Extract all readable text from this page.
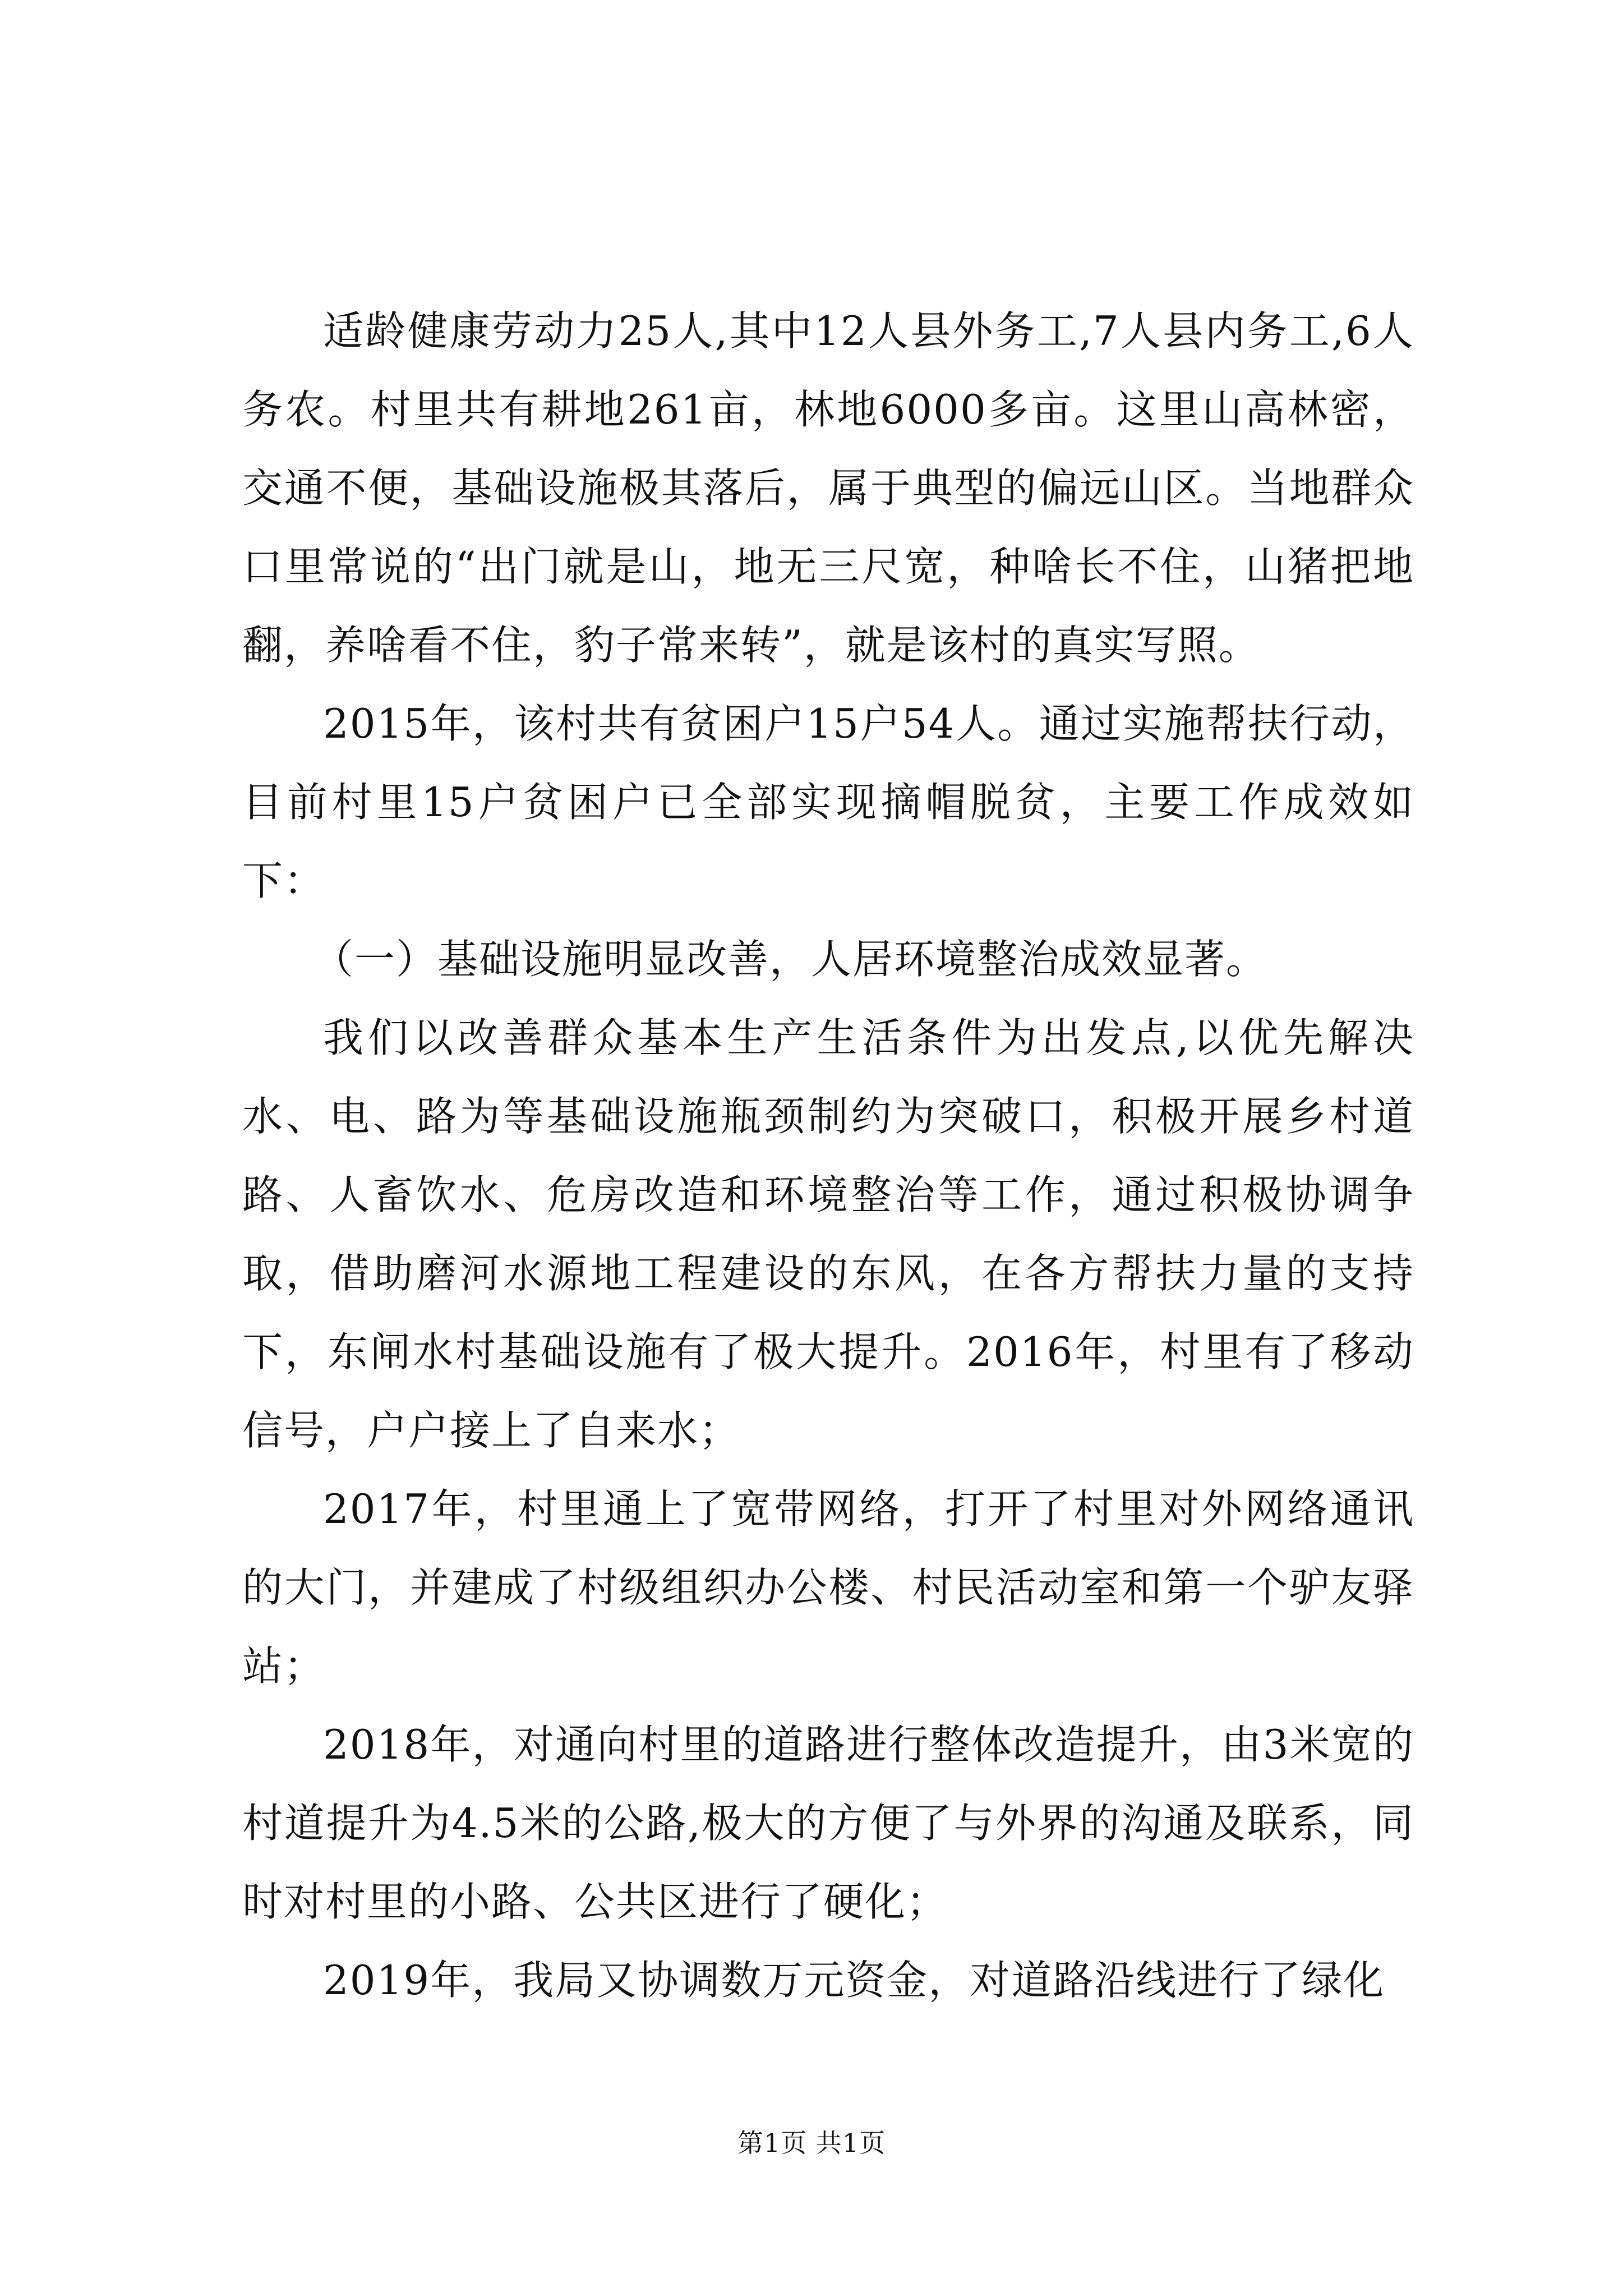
适龄健康劳动力25人,其中12人县外务工,7人县内务工,6人务农。村里共有耕地261亩，林地6000多亩。这里山高林密，交通不便，基础设施极其落后，属于典型的偏远山区。当地群众口里常说的“出门就是山，地无三尺宽，种啥长不住，山猪把地翻，养啥看不住，豹子常来转”，就是该村的真实写照。

2015年，该村共有贫困户15户54人。通过实施帮扶行动，目前村里15户贫困户已全部实现摘帽脱贫，主要工作成效如下：

（一）基础设施明显改善，人居环境整治成效显著。

我们以改善群众基本生产生活条件为出发点,以优先解决水、电、路为等基础设施瓶颈制约为突破口，积极开展乡村道路、人畜饮水、危房改造和环境整治等工作，通过积极协调争取，借助磨河水源地工程建设的东风，在各方帮扶力量的支持下，东闸水村基础设施有了极大提升。2016年，村里有了移动信号，户户接上了自来水；

2017年，村里通上了宽带网络，打开了村里对外网络通讯的大门，并建成了村级组织办公楼、村民活动室和第一个驴友驿站；

2018年，对通向村里的道路进行整体改造提升，由3米宽的村道提升为4.5米的公路,极大的方便了与外界的沟通及联系，同时对村里的小路、公共区进行了硬化；

2019年，我局又协调数万元资金，对道路沿线进行了绿化

第1页 共1页
